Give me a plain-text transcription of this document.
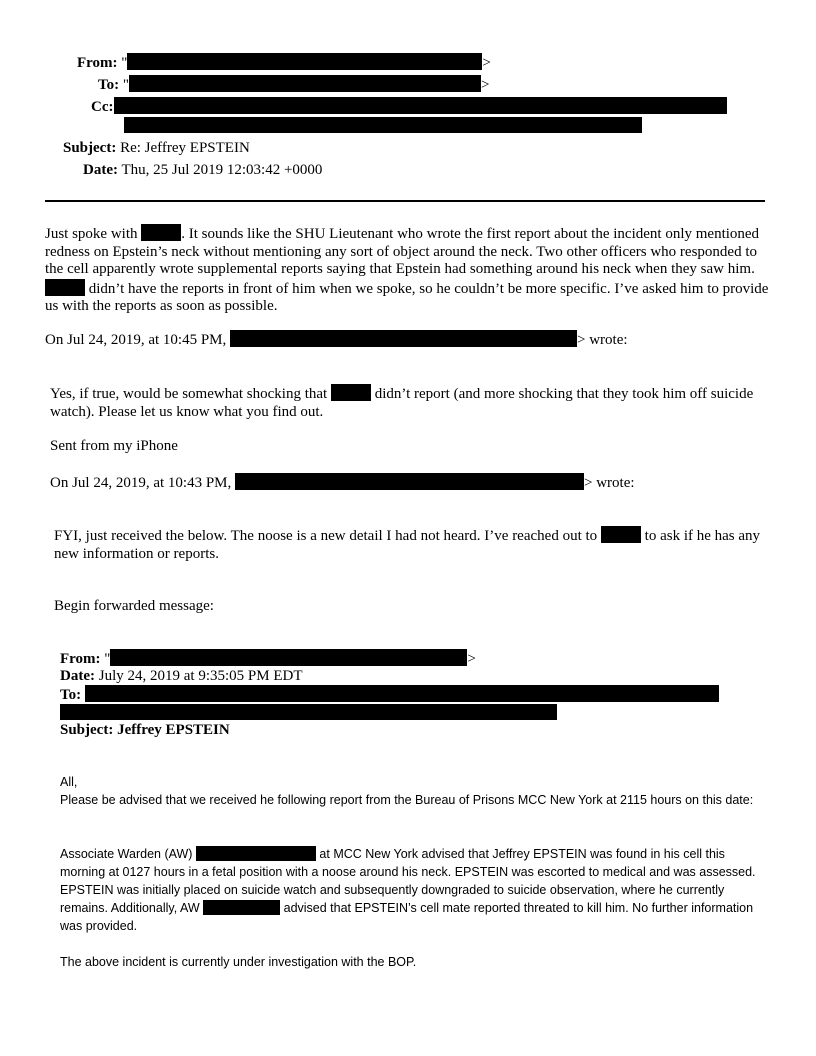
From: "	>
To: "	>
Cc:
Subject: Re: Jeffrey EPSTEIN
Date: Thu, 25 Jul 2019 12:03:42 +0000
Just spoke with	. It sounds like the SHU Lieutenant who wrote the first report about the incident only mentioned redness on Epstein’s neck without mentioning any sort of object around the neck. Two other officers who responded to the cell apparently wrote supplemental reports saying that Epstein had something around his neck when they saw him.  didn’t have the reports in front of him when we spoke, so he couldn’t be more specific. I’ve asked him to provide us with the reports as soon as possible.
On Jul 24, 2019, at 10:45 PM,	> wrote:
Yes, if true, would be somewhat shocking that	didn’t report (and more shocking that they took him off suicide watch). Please let us know what you find out.
Sent from my iPhone
On Jul 24, 2019, at 10:43 PM,	> wrote:
FYI, just received the below. The noose is a new detail I had not heard. I’ve reached out to	to ask if he has any new information or reports.
Begin forwarded message:
From: "	>
Date: July 24, 2019 at 9:35:05 PM EDT
To:
Subject: Jeffrey EPSTEIN
All,
Please be advised that we received he following report from the Bureau of Prisons MCC New York at 2115 hours on this date:
Associate Warden (AW)	at MCC New York advised that Jeffrey EPSTEIN was found in his cell this morning at 0127 hours in a fetal position with a noose around his neck. EPSTEIN was escorted to medical and was assessed. EPSTEIN was initially placed on suicide watch and subsequently downgraded to suicide observation, where he currently remains. Additionally, AW	advised that EPSTEIN’s cell mate reported threated to kill him. No further information was provided.
The above incident is currently under investigation with the BOP.
